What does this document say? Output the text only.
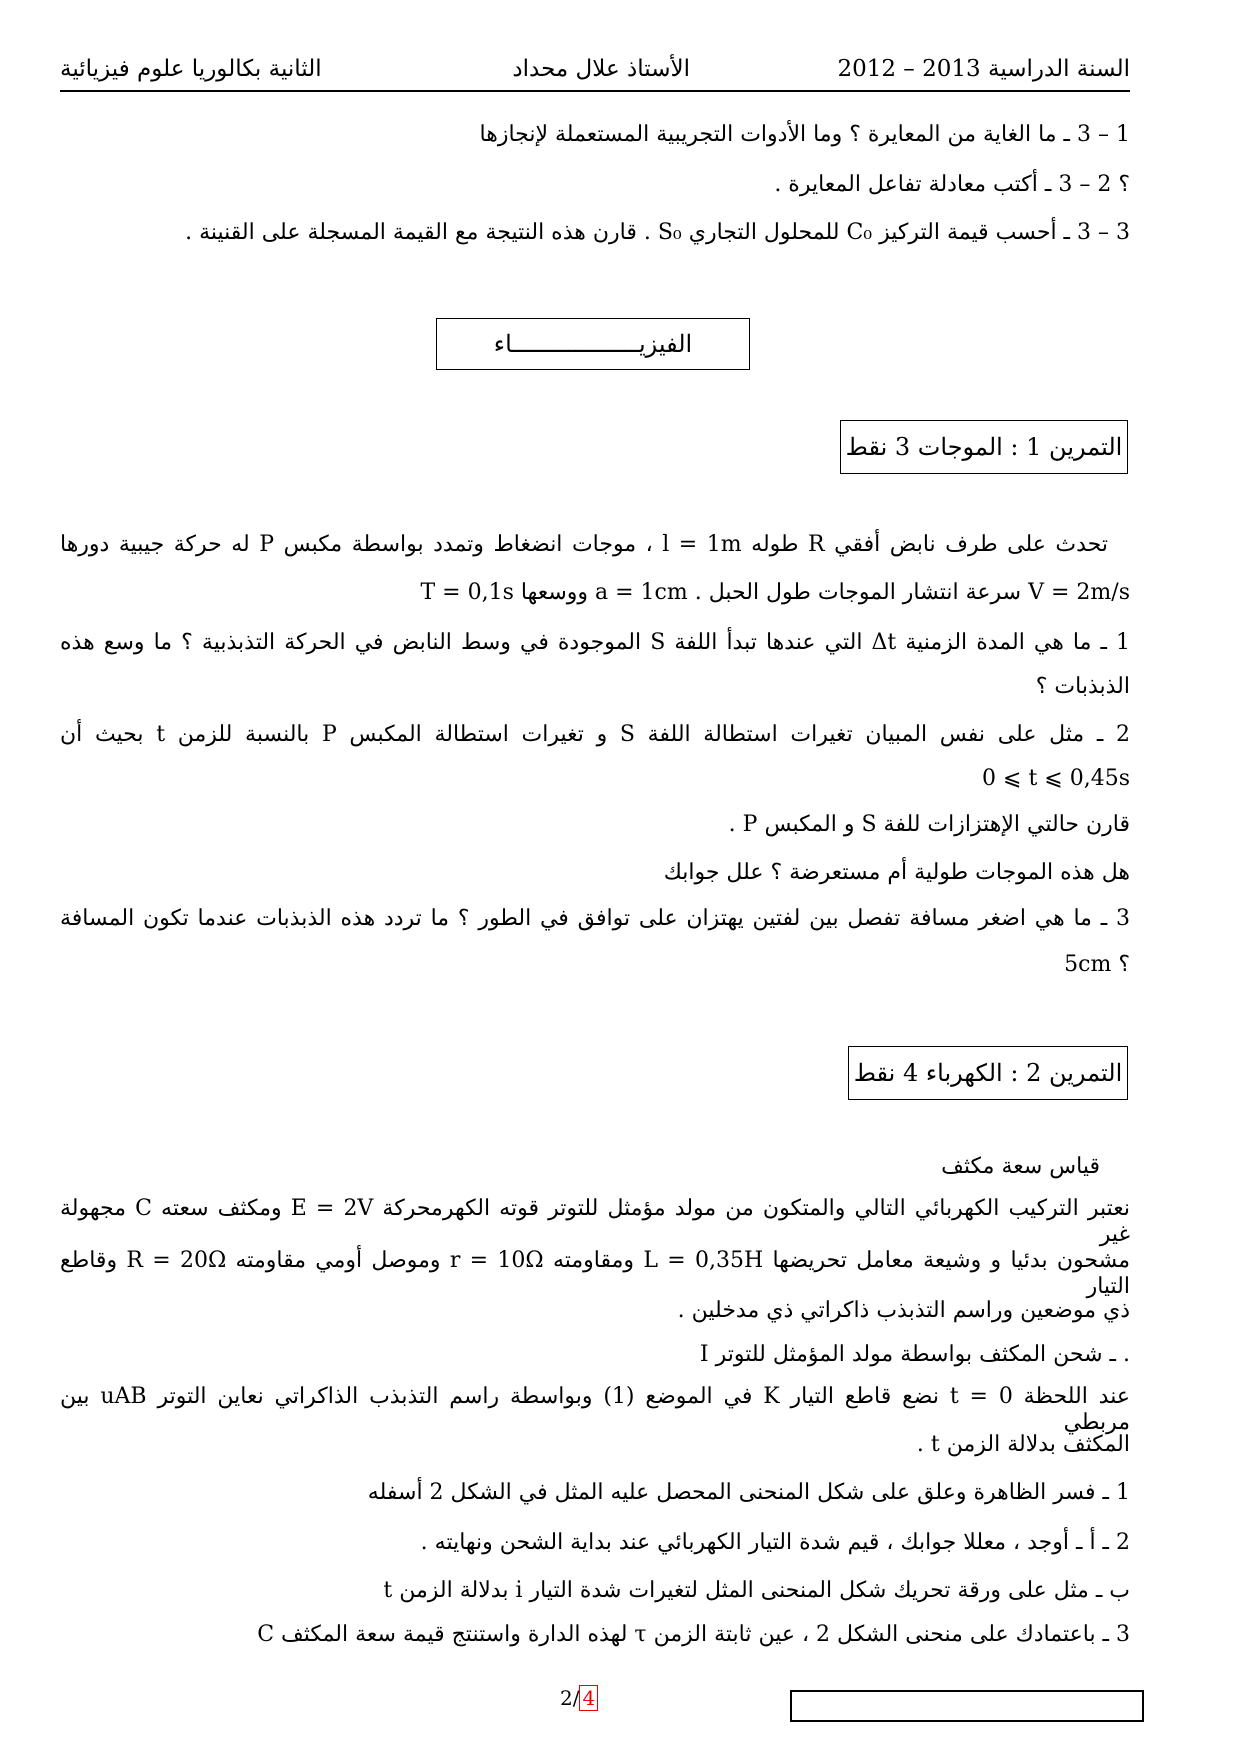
السنة الدراسية 2013 – 2012
الأستاذ علال محداد
الثانية بكالوريا علوم فيزيائية
1 – 3 ـ ما الغاية من المعايرة ؟ وما الأدوات التجريبية المستعملة لإنجازها
؟ 2 – 3 ـ أكتب معادلة تفاعل المعايرة .
3 – 3 ـ أحسب قيمة التركيز C₀ للمحلول التجاري S₀ . قارن هذه النتيجة مع القيمة المسجلة على القنينة .
الفيزيــــــــــــــــــاء
التمرين 1 : الموجات 3 نقط
تحدث على طرف نابض أفقي R طوله l = 1m ، موجات انضغاط وتمدد بواسطة مكبس P له حركة جيبية دورها
T = 0,1s ووسعها a = 1cm . سرعة انتشار الموجات طول الحبل V = 2m/s
1 ـ ما هي المدة الزمنية Δt التي عندها تبدأ اللفة S الموجودة في وسط النابض في الحركة التذبذبية ؟ ما وسع هذه
الذبذبات ؟
2 ـ مثل على نفس المبيان تغيرات استطالة اللفة S و تغيرات استطالة المكبس P بالنسبة للزمن t بحيث أن
0 ⩽ t ⩽ 0,45s
قارن حالتي الإهتزازات للفة S و المكبس P .
هل هذه الموجات طولية أم مستعرضة ؟ علل جوابك
3 ـ ما هي اضغر مسافة تفصل بين لفتين يهتزان على توافق في الطور ؟ ما تردد هذه الذبذبات عندما تكون المسافة
5cm ؟
التمرين 2 : الكهرباء 4 نقط
قياس سعة مكثف
نعتبر التركيب الكهربائي التالي والمتكون من مولد مؤمثل للتوتر قوته الكهرمحركة E = 2V ومكثف سعته C مجهولة غير
مشحون بدئيا و وشيعة معامل تحريضها L = 0,35H ومقاومته r = 10Ω وموصل أومي مقاومته R = 20Ω وقاطع التيار
ذي موضعين وراسم التذبذب ذاكراتي ذي مدخلين .
I ـ شحن المكثف بواسطة مولد المؤمثل للتوتر .
عند اللحظة t = 0 نضع قاطع التيار K في الموضع (1) وبواسطة راسم التذبذب الذاكراتي نعاين التوتر uAB بين مربطي
المكثف بدلالة الزمن t .
1 ـ فسر الظاهرة وعلق على شكل المنحنى المحصل عليه المثل في الشكل 2 أسفله
2 ـ أ ـ أوجد ، معللا جوابك ، قيم شدة التيار الكهربائي عند بداية الشحن ونهايته .
ب ـ مثل على ورقة تحريك شكل المنحنى المثل لتغيرات شدة التيار i بدلالة الزمن t
3 ـ باعتمادك على منحنى الشكل 2 ، عين ثابتة الزمن τ لهذه الدارة واستنتج قيمة سعة المكثف C
2/ 4
